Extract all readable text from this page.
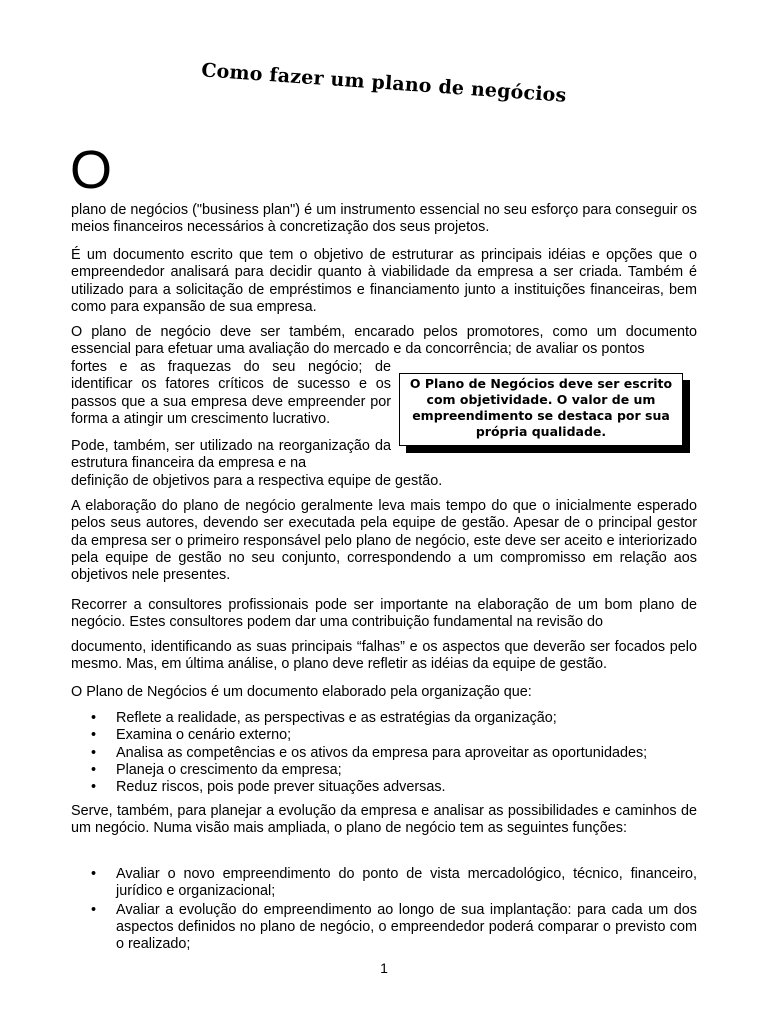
Como fazer um plano de negócios
O

plano de negócios ("business plan") é um instrumento essencial no seu esforço para conseguir os meios financeiros necessários à concretização dos seus projetos.

É um documento escrito que tem o objetivo de estruturar as principais idéias e opções que o empreendedor analisará para decidir quanto à viabilidade da empresa a ser criada. Também é utilizado para a solicitação de empréstimos e financiamento junto a instituições financeiras, bem como para expansão de sua empresa.

O plano de negócio deve ser também, encarado pelos promotores, como um documento essencial para efetuar uma avaliação do mercado e da concorrência; de avaliar os pontos

fortes e as fraquezas do seu negócio; de identificar os fatores críticos de sucesso e os passos que a sua empresa deve empreender por forma a atingir um crescimento lucrativo.

O Plano de Negócios deve ser escrito com objetividade. O valor de um empreendimento se destaca por sua própria qualidade.

Pode, também, ser utilizado na reorganização da estrutura financeira da empresa e na

definição de objetivos para a respectiva equipe de gestão.

A elaboração do plano de negócio geralmente leva mais tempo do que o inicialmente esperado pelos seus autores, devendo ser executada pela equipe de gestão. Apesar de o principal gestor da empresa ser o primeiro responsável pelo plano de negócio, este deve ser aceito e interiorizado pela equipe de gestão no seu conjunto, correspondendo a um compromisso em relação aos objetivos nele presentes.

Recorrer a consultores profissionais pode ser importante na elaboração de um bom plano de negócio. Estes consultores podem dar uma contribuição fundamental na revisão do

documento, identificando as suas principais “falhas” e os aspectos que deverão ser focados pelo mesmo. Mas, em última análise, o plano deve refletir as idéias da equipe de gestão.

O Plano de Negócios é um documento elaborado pela organização que:

• Reflete a realidade, as perspectivas e as estratégias da organização;
• Examina o cenário externo;
• Analisa as competências e os ativos da empresa para aproveitar as oportunidades;
• Planeja o crescimento da empresa;
• Reduz riscos, pois pode prever situações adversas.

Serve, também, para planejar a evolução da empresa e analisar as possibilidades e caminhos de um negócio. Numa visão mais ampliada, o plano de negócio tem as seguintes funções:

• Avaliar o novo empreendimento do ponto de vista mercadológico, técnico, financeiro, jurídico e organizacional;
• Avaliar a evolução do empreendimento ao longo de sua implantação: para cada um dos aspectos definidos no plano de negócio, o empreendedor poderá comparar o previsto com o realizado;
1
